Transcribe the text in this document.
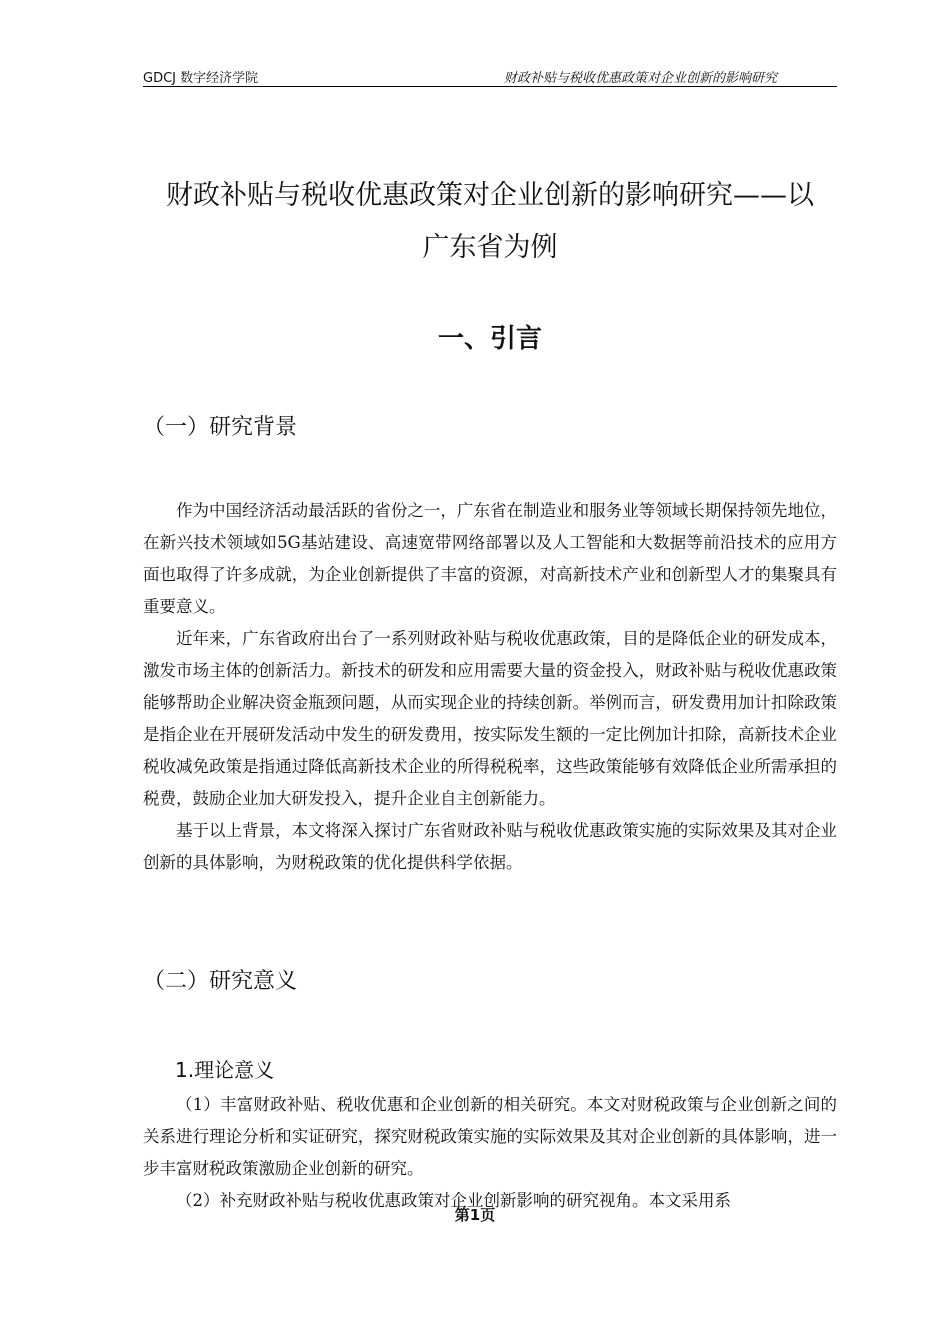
GDCJ 数字经济学院	财政补贴与税收优惠政策对企业创新的影响研究
财政补贴与税收优惠政策对企业创新的影响研究——以
广东省为例
一、引言
（一）研究背景

作为中国经济活动最活跃的省份之一，广东省在制造业和服务业等领域长期保持领先地位，在新兴技术领域如5G基站建设、高速宽带网络部署以及人工智能和大数据等前沿技术的应用方面也取得了许多成就，为企业创新提供了丰富的资源，对高新技术产业和创新型人才的集聚具有重要意义。

近年来，广东省政府出台了一系列财政补贴与税收优惠政策，目的是降低企业的研发成本，激发市场主体的创新活力。新技术的研发和应用需要大量的资金投入，财政补贴与税收优惠政策能够帮助企业解决资金瓶颈问题，从而实现企业的持续创新。举例而言，研发费用加计扣除政策是指企业在开展研发活动中发生的研发费用，按实际发生额的一定比例加计扣除，高新技术企业税收减免政策是指通过降低高新技术企业的所得税税率，这些政策能够有效降低企业所需承担的税费，鼓励企业加大研发投入，提升企业自主创新能力。

基于以上背景，本文将深入探讨广东省财政补贴与税收优惠政策实施的实际效果及其对企业创新的具体影响，为财税政策的优化提供科学依据。

（二）研究意义
1.理论意义

（1）丰富财政补贴、税收优惠和企业创新的相关研究。本文对财税政策与企业创新之间的关系进行理论分析和实证研究，探究财税政策实施的实际效果及其对企业创新的具体影响，进一步丰富财税政策激励企业创新的研究。

（2）补充财政补贴与税收优惠政策对企业创新影响的研究视角。本文采用系

第1页
